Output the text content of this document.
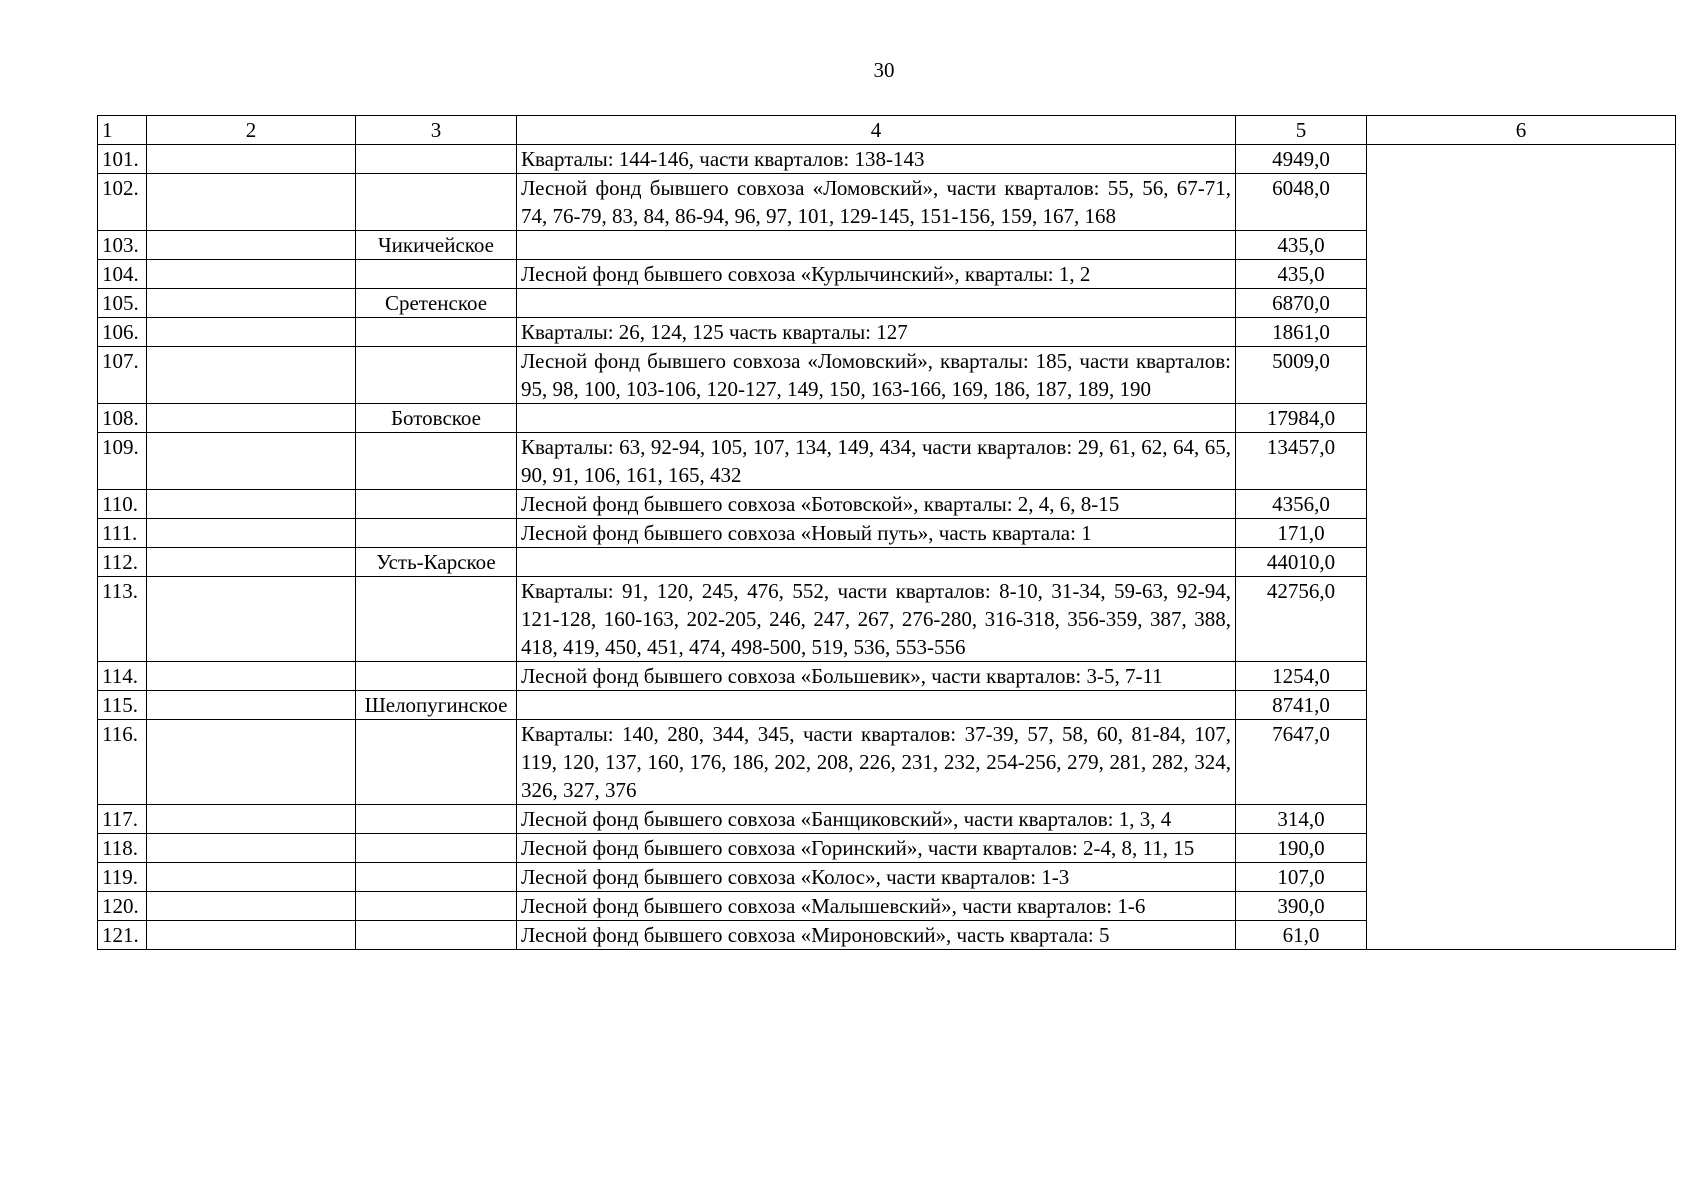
30
1	2	3	4	5	6
101.			Кварталы: 144-146, части кварталов: 138-143	4949,0	
102.			Лесной фонд бывшего совхоза «Ломовский», части кварталов: 55, 56, 67-71, 74, 76-79, 83, 84, 86-94, 96, 97, 101, 129-145, 151-156, 159, 167, 168	6048,0	
103.		Чикичейское		435,0	
104.			Лесной фонд бывшего совхоза «Курлычинский», кварталы: 1, 2	435,0	
105.		Сретенское		6870,0	
106.			Кварталы: 26, 124, 125 часть кварталы: 127	1861,0	
107.			Лесной фонд бывшего совхоза «Ломовский», кварталы: 185, части кварталов: 95, 98, 100, 103-106, 120-127, 149, 150, 163-166, 169, 186, 187, 189, 190	5009,0	
108.		Ботовское		17984,0	
109.			Кварталы: 63, 92-94, 105, 107, 134, 149, 434, части кварталов: 29, 61, 62, 64, 65, 90, 91, 106, 161, 165, 432	13457,0	
110.			Лесной фонд бывшего совхоза «Ботовской», кварталы: 2, 4, 6, 8-15	4356,0	
111.			Лесной фонд бывшего совхоза «Новый путь», часть квартала: 1	171,0	
112.		Усть-Карское		44010,0	
113.			Кварталы: 91, 120, 245, 476, 552, части кварталов: 8-10, 31-34, 59-63, 92-94, 121-128, 160-163, 202-205, 246, 247, 267, 276-280, 316-318, 356-359, 387, 388, 418, 419, 450, 451, 474, 498-500, 519, 536, 553-556	42756,0	
114.			Лесной фонд бывшего совхоза «Большевик», части кварталов: 3-5, 7-11	1254,0	
115.		Шелопугинское		8741,0	
116.			Кварталы: 140, 280, 344, 345, части кварталов: 37-39, 57, 58, 60, 81-84, 107, 119, 120, 137, 160, 176, 186, 202, 208, 226, 231, 232, 254-256, 279, 281, 282, 324, 326, 327, 376	7647,0	
117.			Лесной фонд бывшего совхоза «Банщиковский», части кварталов: 1, 3, 4	314,0	
118.			Лесной фонд бывшего совхоза «Горинский», части кварталов: 2-4, 8, 11, 15	190,0	
119.			Лесной фонд бывшего совхоза «Колос», части кварталов: 1-3	107,0	
120.			Лесной фонд бывшего совхоза «Малышевский», части кварталов: 1-6	390,0	
121.			Лесной фонд бывшего совхоза «Мироновский», часть квартала: 5	61,0	
